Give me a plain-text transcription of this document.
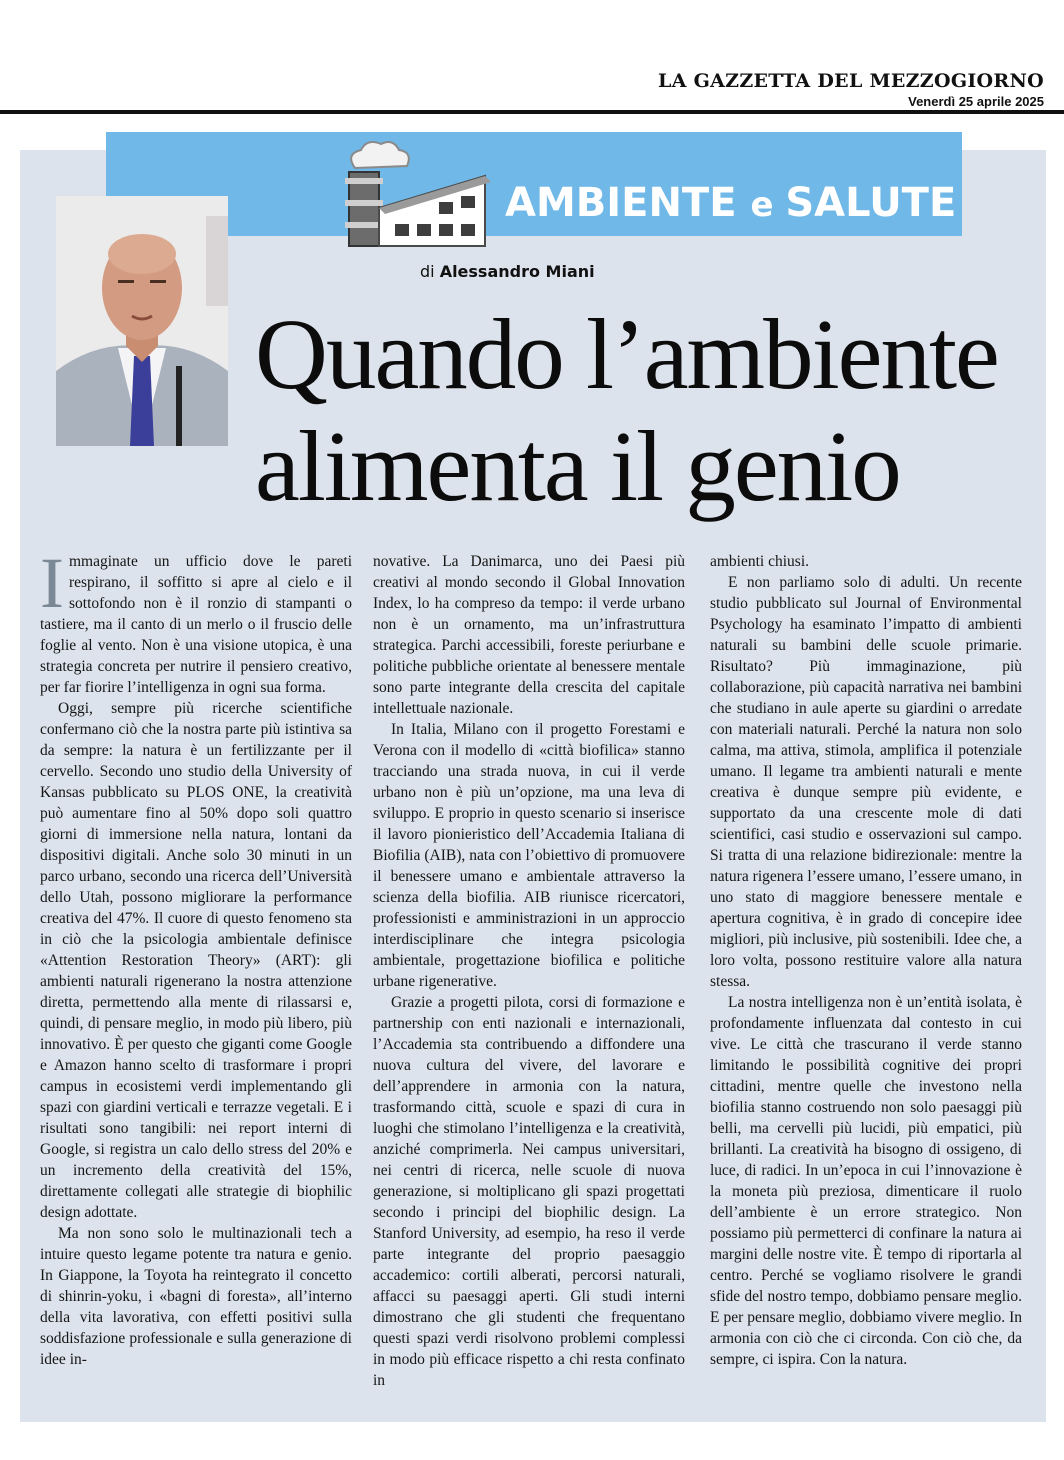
LA GAZZETTA DEL MEZZOGIORNO
Venerdì 25 aprile 2025
AMBIENTE e SALUTE
di Alessandro Miani
Quando l’ambiente alimenta il genio

Immaginate un ufficio dove le pareti respirano, il soffitto si apre al cielo e il sottofondo non è il ronzio di stampanti o tastiere, ma il canto di un merlo o il fruscio delle foglie al vento. Non è una visione utopica, è una strategia concreta per nutrire il pensiero creativo, per far fiorire l’intelligenza in ogni sua forma.

Oggi, sempre più ricerche scientifiche confermano ciò che la nostra parte più istintiva sa da sempre: la natura è un fertilizzante per il cervello. Secondo uno studio della University of Kansas pubblicato su PLOS ONE, la creatività può aumentare fino al 50% dopo soli quattro giorni di immersione nella natura, lontani da dispositivi digitali. Anche solo 30 minuti in un parco urbano, secondo una ricerca dell’Università dello Utah, possono migliorare la performance creativa del 47%. Il cuore di questo fenomeno sta in ciò che la psicologia ambientale definisce «Attention Restoration Theory» (ART): gli ambienti naturali rigenerano la nostra attenzione diretta, permettendo alla mente di rilassarsi e, quindi, di pensare meglio, in modo più libero, più innovativo. È per questo che giganti come Google e Amazon hanno scelto di trasformare i propri campus in ecosistemi verdi implementando gli spazi con giardini verticali e terrazze vegetali. E i risultati sono tangibili: nei report interni di Google, si registra un calo dello stress del 20% e un incremento della creatività del 15%, direttamente collegati alle strategie di biophilic design adottate.

Ma non sono solo le multinazionali tech a intuire questo legame potente tra natura e genio. In Giappone, la Toyota ha reintegrato il concetto di shinrin-yoku, i «bagni di foresta», all’interno della vita lavorativa, con effetti positivi sulla soddisfazione professionale e sulla generazione di idee in-

novative. La Danimarca, uno dei Paesi più creativi al mondo secondo il Global Innovation Index, lo ha compreso da tempo: il verde urbano non è un ornamento, ma un’infrastruttura strategica. Parchi accessibili, foreste periurbane e politiche pubbliche orientate al benessere mentale sono parte integrante della crescita del capitale intellettuale nazionale.

In Italia, Milano con il progetto Forestami e Verona con il modello di «città biofilica» stanno tracciando una strada nuova, in cui il verde urbano non è più un’opzione, ma una leva di sviluppo. E proprio in questo scenario si inserisce il lavoro pionieristico dell’Accademia Italiana di Biofilia (AIB), nata con l’obiettivo di promuovere il benessere umano e ambientale attraverso la scienza della biofilia. AIB riunisce ricercatori, professionisti e amministrazioni in un approccio interdisciplinare che integra psicologia ambientale, progettazione biofilica e politiche urbane rigenerative.

Grazie a progetti pilota, corsi di formazione e partnership con enti nazionali e internazionali, l’Accademia sta contribuendo a diffondere una nuova cultura del vivere, del lavorare e dell’apprendere in armonia con la natura, trasformando città, scuole e spazi di cura in luoghi che stimolano l’intelligenza e la creatività, anziché comprimerla. Nei campus universitari, nei centri di ricerca, nelle scuole di nuova generazione, si moltiplicano gli spazi progettati secondo i principi del biophilic design. La Stanford University, ad esempio, ha reso il verde parte integrante del proprio paesaggio accademico: cortili alberati, percorsi naturali, affacci su paesaggi aperti. Gli studi interni dimostrano che gli studenti che frequentano questi spazi verdi risolvono problemi complessi in modo più efficace rispetto a chi resta confinato in

ambienti chiusi.

E non parliamo solo di adulti. Un recente studio pubblicato sul Journal of Environmental Psychology ha esaminato l’impatto di ambienti naturali su bambini delle scuole primarie. Risultato? Più immaginazione, più collaborazione, più capacità narrativa nei bambini che studiano in aule aperte su giardini o arredate con materiali naturali. Perché la natura non solo calma, ma attiva, stimola, amplifica il potenziale umano. Il legame tra ambienti naturali e mente creativa è dunque sempre più evidente, e supportato da una crescente mole di dati scientifici, casi studio e osservazioni sul campo. Si tratta di una relazione bidirezionale: mentre la natura rigenera l’essere umano, l’essere umano, in uno stato di maggiore benessere mentale e apertura cognitiva, è in grado di concepire idee migliori, più inclusive, più sostenibili. Idee che, a loro volta, possono restituire valore alla natura stessa.

La nostra intelligenza non è un’entità isolata, è profondamente influenzata dal contesto in cui vive. Le città che trascurano il verde stanno limitando le possibilità cognitive dei propri cittadini, mentre quelle che investono nella biofilia stanno costruendo non solo paesaggi più belli, ma cervelli più lucidi, più empatici, più brillanti. La creatività ha bisogno di ossigeno, di luce, di radici. In un’epoca in cui l’innovazione è la moneta più preziosa, dimenticare il ruolo dell’ambiente è un errore strategico. Non possiamo più permetterci di confinare la natura ai margini delle nostre vite. È tempo di riportarla al centro. Perché se vogliamo risolvere le grandi sfide del nostro tempo, dobbiamo pensare meglio. E per pensare meglio, dobbiamo vivere meglio. In armonia con ciò che ci circonda. Con ciò che, da sempre, ci ispira. Con la natura.
